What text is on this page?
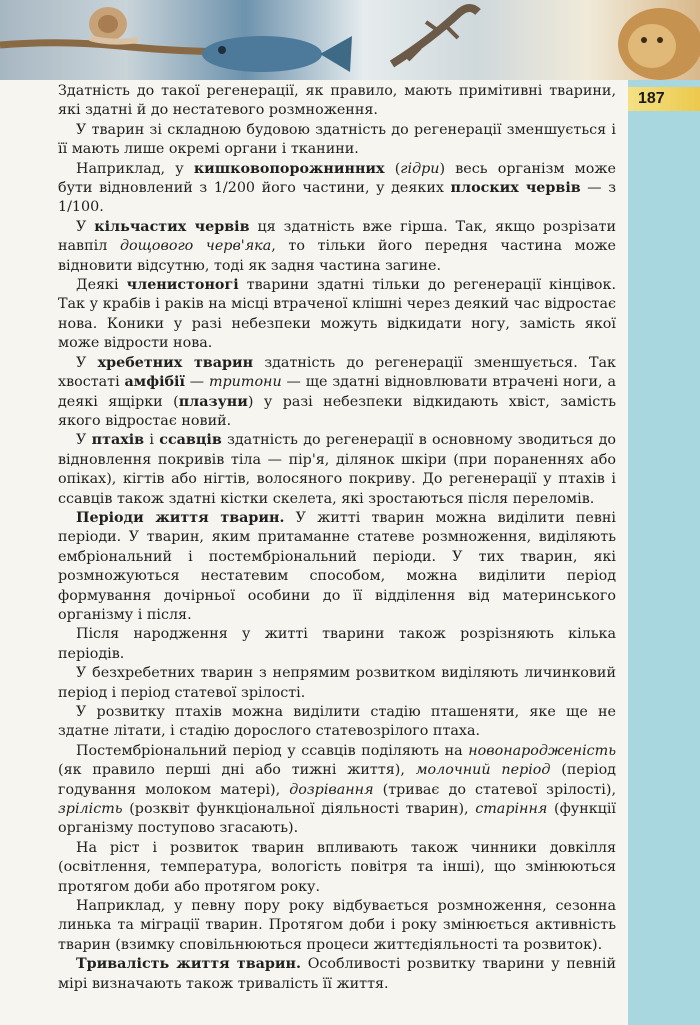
187

Здатність до такої регенерації, як правило, мають примітивні тварини, які здатні й до нестатевого розмноження.

У тварин зі складною будовою здатність до регенерації зменшується і її мають лише окремі органи і тканини.

Наприклад, у кишковопорожнинних (гідри) весь організм може бути відновлений з 1/200 його частини, у деяких плоских червів — з 1/100.

У кільчастих червів ця здатність вже гірша. Так, якщо розрізати навпіл дощового черв'яка, то тільки його передня частина може відновити відсутню, тоді як задня частина загине.

Деякі членистоногі тварини здатні тільки до регенерації кінцівок. Так у крабів і раків на місці втраченої клішні через деякий час відростає нова. Коники у разі небезпеки можуть відкидати ногу, замість якої може відрости нова.

У хребетних тварин здатність до регенерації зменшується. Так хвостаті амфібії — тритони — ще здатні відновлювати втрачені ноги, а деякі ящірки (плазуни) у разі небезпеки відкидають хвіст, замість якого відростає новий.

У птахів і ссавців здатність до регенерації в основному зводиться до відновлення покривів тіла — пір'я, ділянок шкіри (при пораненнях або опіках), кігтів або нігтів, волосяного покриву. До регенерації у птахів і ссавців також здатні кістки скелета, які зростаються після переломів.

Періоди життя тварин. У житті тварин можна виділити певні періоди. У тварин, яким притаманне статеве розмноження, виділяють ембріональний і постембріональний періоди. У тих тварин, які розмножуються нестатевим способом, можна виділити період формування дочірньої особини до її відділення від материнського організму і після.

Після народження у житті тварини також розрізняють кілька періодів.

У безхребетних тварин з непрямим розвитком виділяють личинковий період і період статевої зрілості.

У розвитку птахів можна виділити стадію пташеняти, яке ще не здатне літати, і стадію дорослого статевозрілого птаха.

Постембріональний період у ссавців поділяють на новонародженість (як правило перші дні або тижні життя), молочний період (період годування молоком матері), дозрівання (триває до статевої зрілості), зрілість (розквіт функціональної діяльності тварин), старіння (функції організму поступово згасають).

На ріст і розвиток тварин впливають також чинники довкілля (освітлення, температура, вологість повітря та інші), що змінюються протягом доби або протягом року.

Наприклад, у певну пору року відбувається розмноження, сезонна линька та міграції тварин. Протягом доби і року змінюється активність тварин (взимку сповільнюються процеси життєдіяльності та розвиток).

Тривалість життя тварин. Особливості розвитку тварини у певній мірі визначають також тривалість її життя.
